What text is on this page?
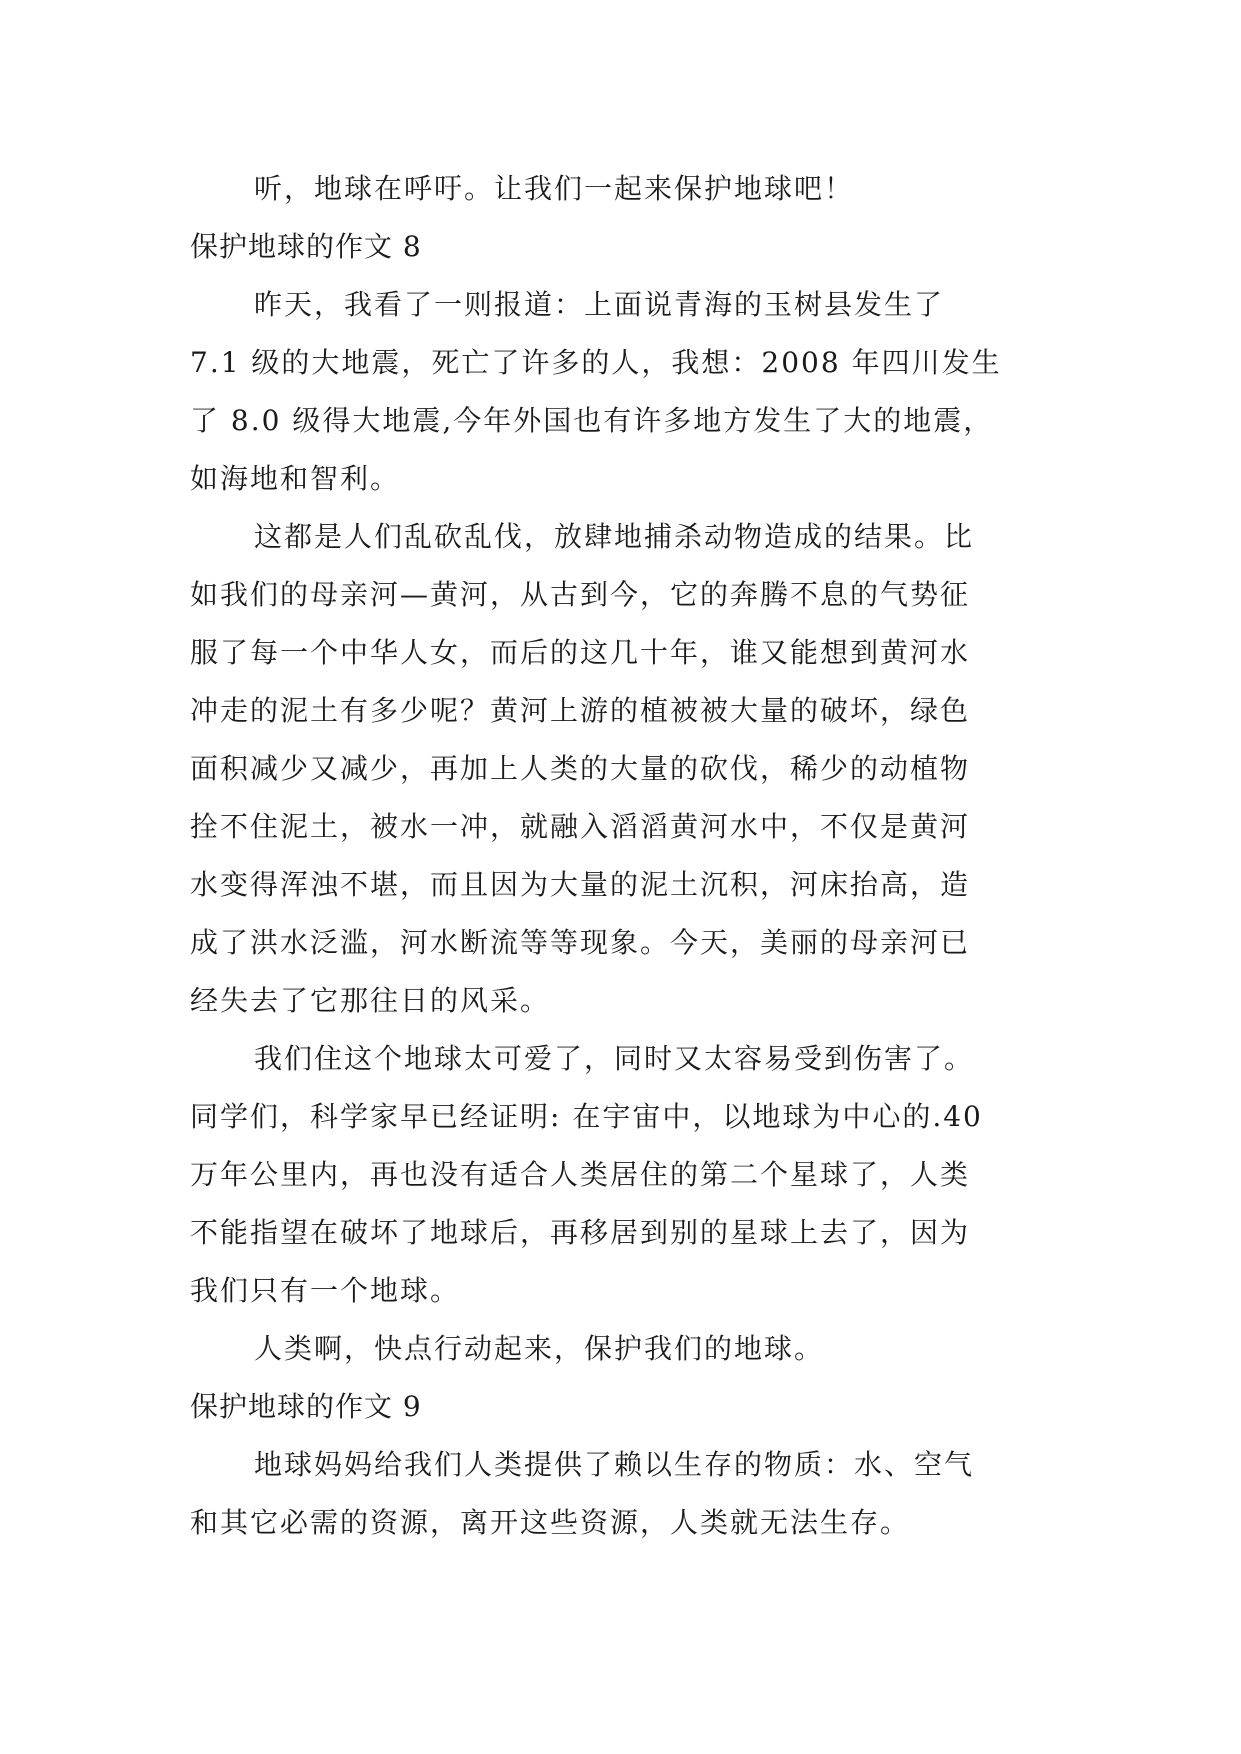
听，地球在呼吁。让我们一起来保护地球吧！
保护地球的作文 8
昨天，我看了一则报道：上面说青海的玉树县发生了
7.1 级的大地震，死亡了许多的人，我想：2008 年四川发生
了 8.0 级得大地震,今年外国也有许多地方发生了大的地震，
如海地和智利。
这都是人们乱砍乱伐，放肆地捕杀动物造成的结果。比
如我们的母亲河—黄河，从古到今，它的奔腾不息的气势征
服了每一个中华人女，而后的这几十年，谁又能想到黄河水
冲走的泥土有多少呢？黄河上游的植被被大量的破坏，绿色
面积减少又减少，再加上人类的大量的砍伐，稀少的动植物
拴不住泥土，被水一冲，就融入滔滔黄河水中，不仅是黄河
水变得浑浊不堪，而且因为大量的泥土沉积，河床抬高，造
成了洪水泛滥，河水断流等等现象。今天，美丽的母亲河已
经失去了它那往日的风采。
我们住这个地球太可爱了，同时又太容易受到伤害了。
同学们，科学家早已经证明: 在宇宙中，以地球为中心的.40
万年公里内，再也没有适合人类居住的第二个星球了，人类
不能指望在破坏了地球后，再移居到别的星球上去了，因为
我们只有一个地球。
人类啊，快点行动起来，保护我们的地球。
保护地球的作文 9
地球妈妈给我们人类提供了赖以生存的物质：水、空气
和其它必需的资源，离开这些资源，人类就无法生存。
